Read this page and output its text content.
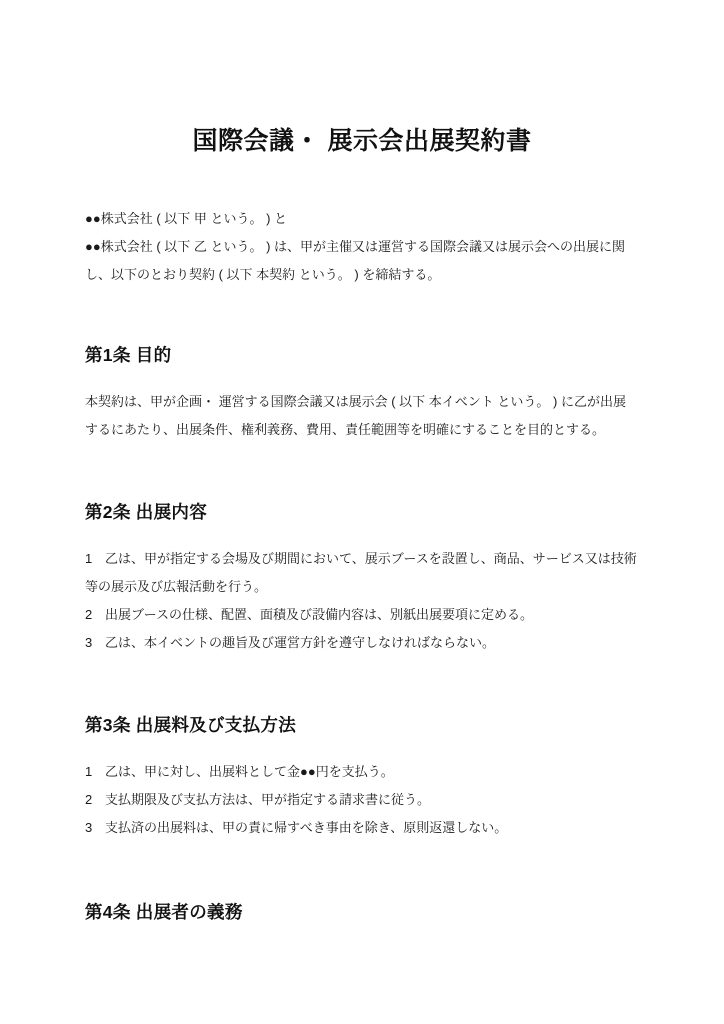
国際会議・ 展示会出展契約書

●●株式会社 ( 以下 甲 という。 ) と
●●株式会社 ( 以下 乙 という。 ) は、甲が主催又は運営する国際会議又は展示会への出展に関し、以下のとおり契約 ( 以下 本契約 という。 ) を締結する。

第1条 目的

本契約は、甲が企画・ 運営する国際会議又は展示会 ( 以下 本イベント という。 ) に乙が出展するにあたり、出展条件、権利義務、費用、責任範囲等を明確にすることを目的とする。

第2条 出展内容
1 乙は、甲が指定する会場及び期間において、展示ブースを設置し、商品、サービス又は技術等の展示及び広報活動を行う。
2 出展ブースの仕様、配置、面積及び設備内容は、別紙出展要項に定める。
3 乙は、本イベントの趣旨及び運営方針を遵守しなければならない。
第3条 出展料及び支払方法
1 乙は、甲に対し、出展料として金●●円を支払う。
2 支払期限及び支払方法は、甲が指定する請求書に従う。
3 支払済の出展料は、甲の責に帰すべき事由を除き、原則返還しない。
第4条 出展者の義務
